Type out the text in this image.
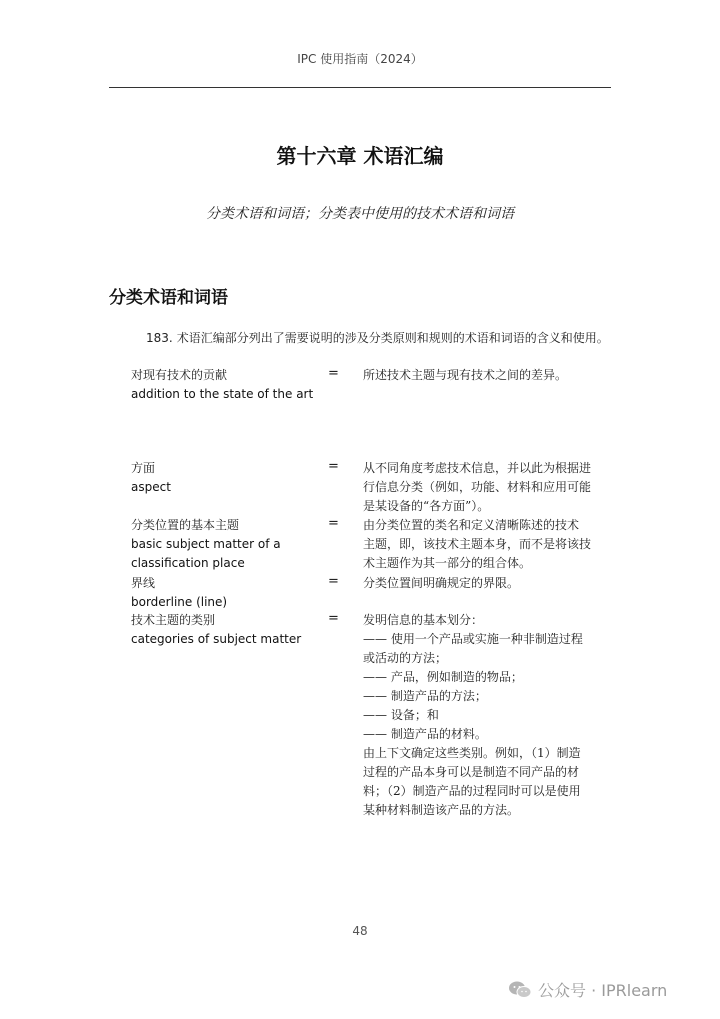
IPC 使用指南（2024）
第十六章 术语汇编
分类术语和词语；分类表中使用的技术术语和词语
分类术语和词语
183. 术语汇编部分列出了需要说明的涉及分类原则和规则的术语和词语的含义和使用。
对现有技术的贡献
addition to the state of the art
= 所述技术主题与现有技术之间的差异。
方面
aspect
= 从不同角度考虑技术信息，并以此为根据进
行信息分类（例如，功能、材料和应用可能
是某设备的“各方面”）。
分类位置的基本主题
basic subject matter of a
classification place
= 由分类位置的类名和定义清晰陈述的技术
主题，即，该技术主题本身，而不是将该技
术主题作为其一部分的组合体。
界线
borderline (line)
= 分类位置间明确规定的界限。
技术主题的类别
categories of subject matter
= 发明信息的基本划分：
—— 使用一个产品或实施一种非制造过程
或活动的方法；
—— 产品，例如制造的物品；
—— 制造产品的方法；
—— 设备；和
—— 制造产品的材料。
由上下文确定这些类别。例如，（1）制造
过程的产品本身可以是制造不同产品的材
料；（2）制造产品的过程同时可以是使用
某种材料制造该产品的方法。
48
公众号 · IPRlearn
